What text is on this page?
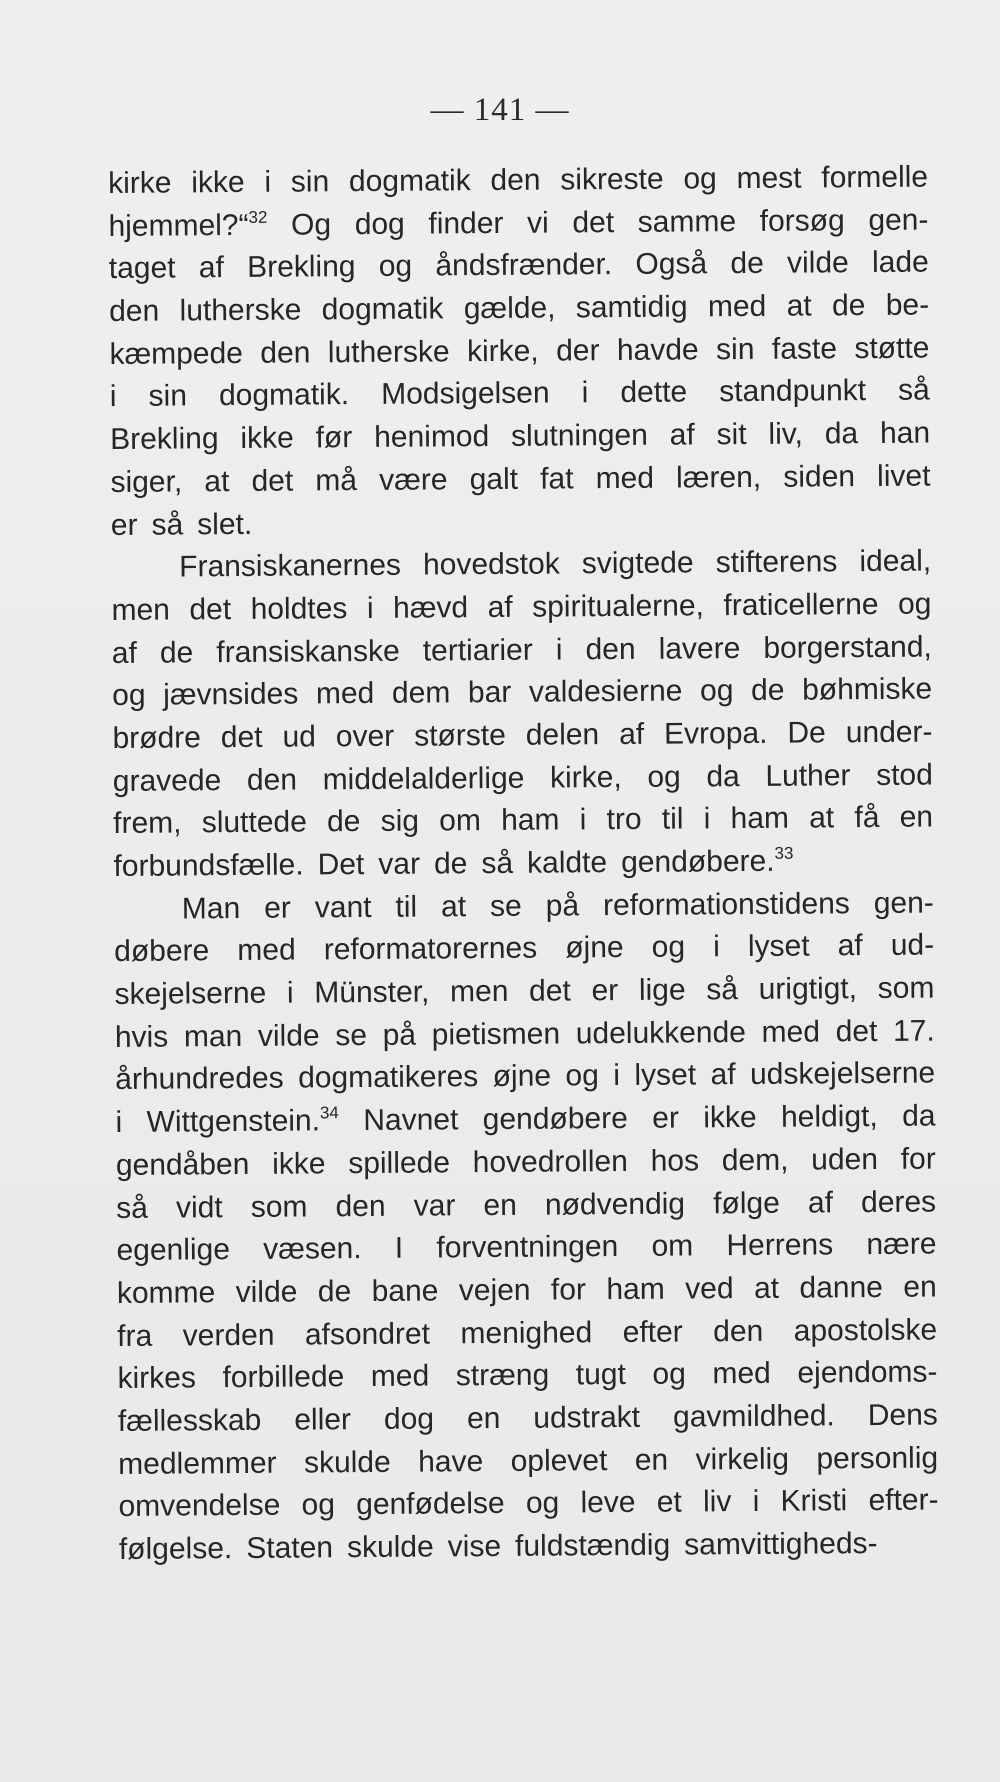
— 141 —
kirke ikke i sin dogmatik den sikreste og mest formelle
hjemmel?“$^{32}$ Og dog finder vi det samme forsøg gen-
taget af Brekling og åndsfrænder. Også de vilde lade
den lutherske dogmatik gælde, samtidig med at de be-
kæmpede den lutherske kirke, der havde sin faste støtte
i sin dogmatik. Modsigelsen i dette standpunkt så
Brekling ikke før henimod slutningen af sit liv, da han
siger, at det må være galt fat med læren, siden livet
er så slet.
Fransiskanernes hovedstok svigtede stifterens ideal,
men det holdtes i hævd af spiritualerne, fraticellerne og
af de fransiskanske tertiarier i den lavere borgerstand,
og jævnsides med dem bar valdesierne og de bøhmiske
brødre det ud over største delen af Evropa. De under-
gravede den middelalderlige kirke, og da Luther stod
frem, sluttede de sig om ham i tro til i ham at få en
forbundsfælle. Det var de så kaldte gendøbere.$^{33}$
Man er vant til at se på reformationstidens gen-
døbere med reformatorernes øjne og i lyset af ud-
skejelserne i Münster, men det er lige så urigtigt, som
hvis man vilde se på pietismen udelukkende med det 17.
århundredes dogmatikeres øjne og i lyset af udskejelserne
i Wittgenstein.$^{34}$ Navnet gendøbere er ikke heldigt, da
gendåben ikke spillede hovedrollen hos dem, uden for
så vidt som den var en nødvendig følge af deres
egenlige væsen. I forventningen om Herrens nære
komme vilde de bane vejen for ham ved at danne en
fra verden afsondret menighed efter den apostolske
kirkes forbillede med stræng tugt og med ejendoms-
fællesskab eller dog en udstrakt gavmildhed. Dens
medlemmer skulde have oplevet en virkelig personlig
omvendelse og genfødelse og leve et liv i Kristi efter-
følgelse. Staten skulde vise fuldstændig samvittigheds-
